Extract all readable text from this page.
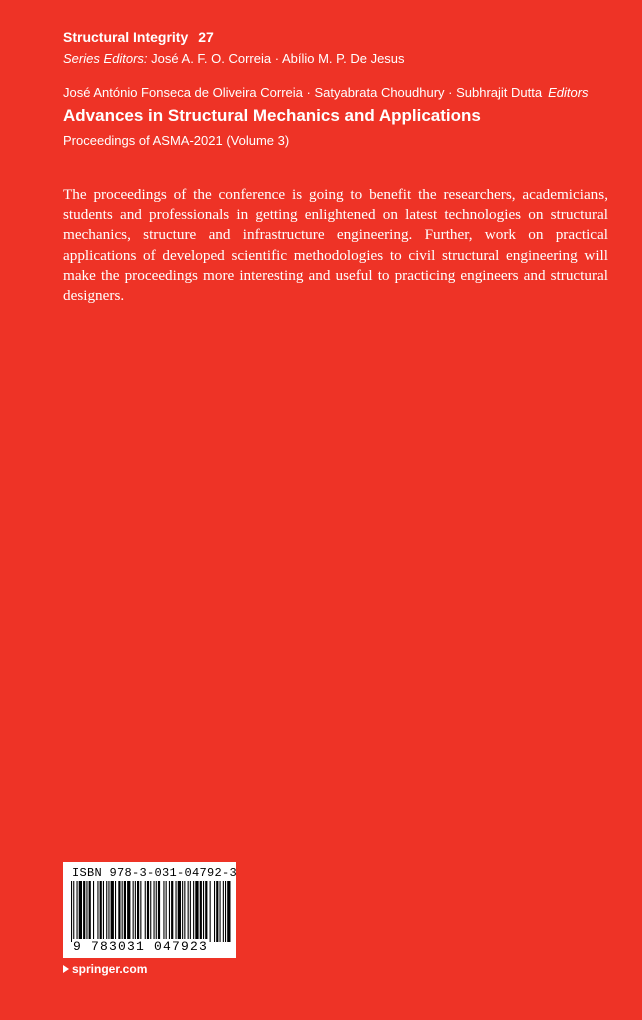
Structural Integrity 27
Series Editors: José A. F. O. Correia · Abílio M. P. De Jesus
José António Fonseca de Oliveira Correia · Satyabrata Choudhury · Subhrajit Dutta Editors
Advances in Structural Mechanics and Applications
Proceedings of ASMA-2021 (Volume 3)

The proceedings of the conference is going to benefit the researchers, academicians, students and professionals in getting enlightened on latest technologies on structural mechanics, structure and infrastructure engineering. Further, work on practical applications of developed scientific methodologies to civil structural engineering will make the proceedings more interesting and useful to practicing engineers and structural designers.

ISBN 978-3-031-04792-3
9 783031 047923
springer.com
